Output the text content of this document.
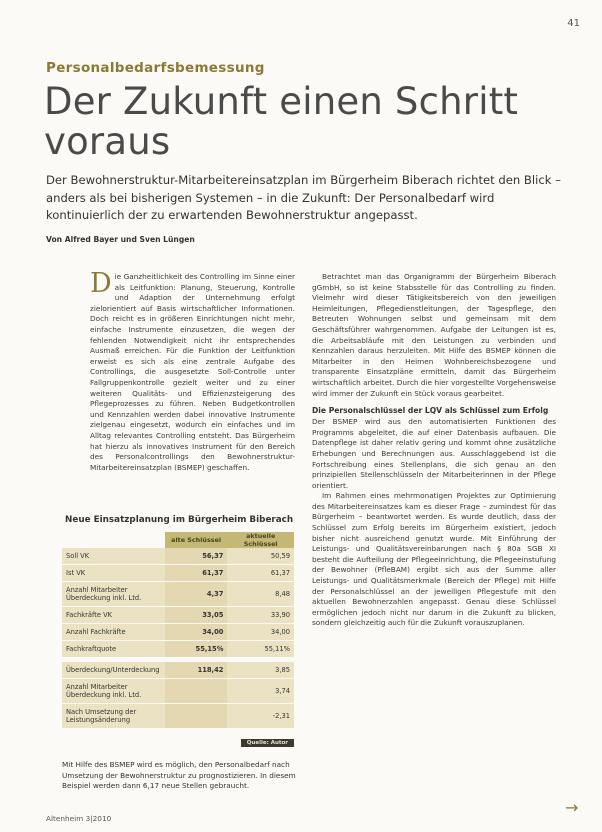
41
Personalbedarfsbemessung
Der Zukunft einen Schritt voraus
Der Bewohnerstruktur-Mitarbeitereinsatzplan im Bürgerheim Biberach richtet den Blick – anders als bei bisherigen Systemen – in die Zukunft: Der Personalbedarf wird kontinuierlich der zu erwartenden Bewohnerstruktur angepasst.
Von Alfred Bayer und Sven Lüngen

Die Ganzheitlichkeit des Controlling im Sinne einer als Leitfunktion: Planung, Steuerung, Kontrolle und Adaption der Unternehmung erfolgt zielorientiert auf Basis wirtschaftlicher Informationen. Doch reicht es in größeren Einrichtungen nicht mehr, einfache Instrumente einzusetzen, die wegen der fehlenden Notwendigkeit nicht ihr entsprechendes Ausmaß erreichen. Für die Funktion der Leitfunktion erweist es sich als eine zentrale Aufgabe des Controllings, die ausgesetzte Soll-Controlle unter Fallgruppenkontrolle gezielt weiter und zu einer weiteren Qualitäts- und Effizienzsteigerung des Pflegeprozesses zu führen. Neben Budgetkontrollen und Kennzahlen werden dabei innovative Instrumente zielgenau eingesetzt, wodurch ein einfaches und im Alltag relevantes Controlling entsteht. Das Bürgerheim hat hierzu als innovatives Instrument für den Bereich des Personalcontrollings den Bewohnerstruktur-Mitarbeitereinsatzplan (BSMEP) geschaffen.

Neue Einsatzplanung im Bürgerheim Biberach
	alte Schlüssel	aktuelle Schlüssel
Soll VK	56,37	50,59
Ist VK	61,37	61,37
Anzahl Mitarbeiter Überdeckung inkl. Ltd.	4,37	8,48
Fachkräfte VK	33,05	33,90
Anzahl Fachkräfte	34,00	34,00
Fachkraftquote	55,15%	55,11%

Überdeckung/Unterdeckung	118,42	3,85
Anzahl Mitarbeiter Überdeckung inkl. Ltd.		3,74
Nach Umsetzung der Leistungsänderung		-2,31
Quelle: Autor
Mit Hilfe des BSMEP wird es möglich, den Personalbedarf nach Umsetzung der Bewohnerstruktur zu prognostizieren. In diesem Beispiel werden dann 6,17 neue Stellen gebraucht.

Betrachtet man das Organigramm der Bürgerheim Biberach gGmbH, so ist keine Stabsstelle für das Controlling zu finden. Vielmehr wird dieser Tätigkeitsbereich von den jeweiligen Heimleitungen, Pflegedienstleitungen, der Tagespflege, den Betreuten Wohnungen selbst und gemeinsam mit dem Geschäftsführer wahrgenommen. Aufgabe der Leitungen ist es, die Arbeitsabläufe mit den Leistungen zu verbinden und Kennzahlen daraus herzuleiten. Mit Hilfe des BSMEP können die Mitarbeiter in den Heimen Wohnbereichsbezogene und transparente Einsatzpläne ermitteln, damit das Bürgerheim wirtschaftlich arbeitet. Durch die hier vorgestellte Vorgehensweise wird immer der Zukunft ein Stück voraus gearbeitet.

Die Personalschlüssel der LQV als Schlüssel zum Erfolg

Der BSMEP wird aus den automatisierten Funktionen des Programms abgeleitet, die auf einer Datenbasis aufbauen. Die Datenpflege ist daher relativ gering und kommt ohne zusätzliche Erhebungen und Berechnungen aus. Ausschlaggebend ist die Fortschreibung eines Stellenplans, die sich genau an den prinzipiellen Stellenschlüsseln der Mitarbeiterinnen in der Pflege orientiert.

Im Rahmen eines mehrmonatigen Projektes zur Optimierung des Mitarbeitereinsatzes kam es dieser Frage – zumindest für das Bürgerheim – beantwortet werden. Es wurde deutlich, dass der Schlüssel zum Erfolg bereits im Bürgerheim existiert, jedoch bisher nicht ausreichend genutzt wurde. Mit Einführung der Leistungs- und Qualitätsvereinbarungen nach § 80a SGB XI besteht die Aufteilung der Pflegeeinrichtung, die Pflegeeinstufung der Bewohner (PfleBAM) ergibt sich aus der Summe aller Leistungs- und Qualitätsmerkmale (Bereich der Pflege) mit Hilfe der Personalschlüssel an der jeweiligen Pflegestufe mit den aktuellen Bewohnerzahlen angepasst. Genau diese Schlüssel ermöglichen jedoch nicht nur darum in die Zukunft zu blicken, sondern gleichzeitig auch für die Zukunft vorauszuplanen.

Altenheim 3|2010
→
